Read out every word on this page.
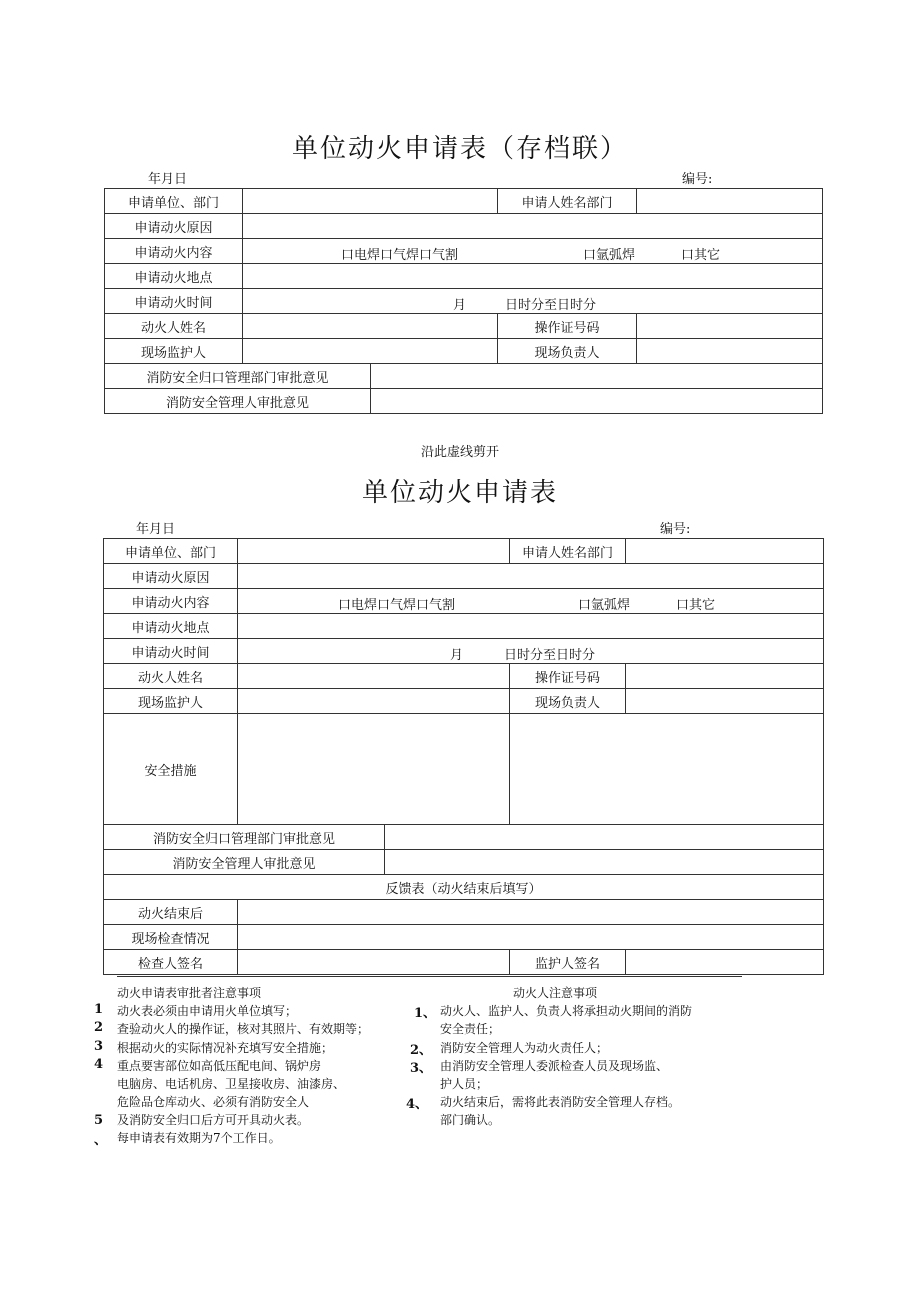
单位动火申请表（存档联）
年月日	编号:
申请单位、部门			申请人姓名部门	
申请动火原因				
申请动火内容	口电焊口气焊口气割 口氩弧焊 口其它			

申请动火地点				
申请动火时间	月 日时分至日时分			

动火人姓名			操作证号码	
现场监护人			现场负责人	
消防安全归口管理部门审批意见				
消防安全管理人审批意见				
沿此虚线剪开
单位动火申请表
年月日	编号:
申请单位、部门			申请人姓名部门	
申请动火原因				
申请动火内容	口电焊口气焊口气割 口氩弧焊 口其它			

申请动火地点				
申请动火时间	月 日时分至日时分			

动火人姓名			操作证号码	
现场监护人			现场负责人	
安全措施				
消防安全归口管理部门审批意见				
消防安全管理人审批意见				
反馈表（动火结束后填写）				
动火结束后				
现场检查情况				
检查人签名			监护人签名	
动火申请表审批者注意事项	动火人注意事项
1 动火表必须由申请用火单位填写；
2 查验动火人的操作证，核对其照片、有效期等；
3 根据动火的实际情况补充填写安全措施；
4 重点要害部位如高低压配电间、锅炉房
电脑房、电话机房、卫星接收房、油漆房、
危险品仓库动火、必须有消防安全人
5 及消防安全归口后方可开具动火表。
、 每申请表有效期为7个工作日。
1、 动火人、监护人、负责人将承担动火期间的消防
安全责任；
2、 消防安全管理人为动火责任人；
3、 由消防安全管理人委派检查人员及现场监、
护人员；
4、 动火结束后，需将此表消防安全管理人存档。
部门确认。
